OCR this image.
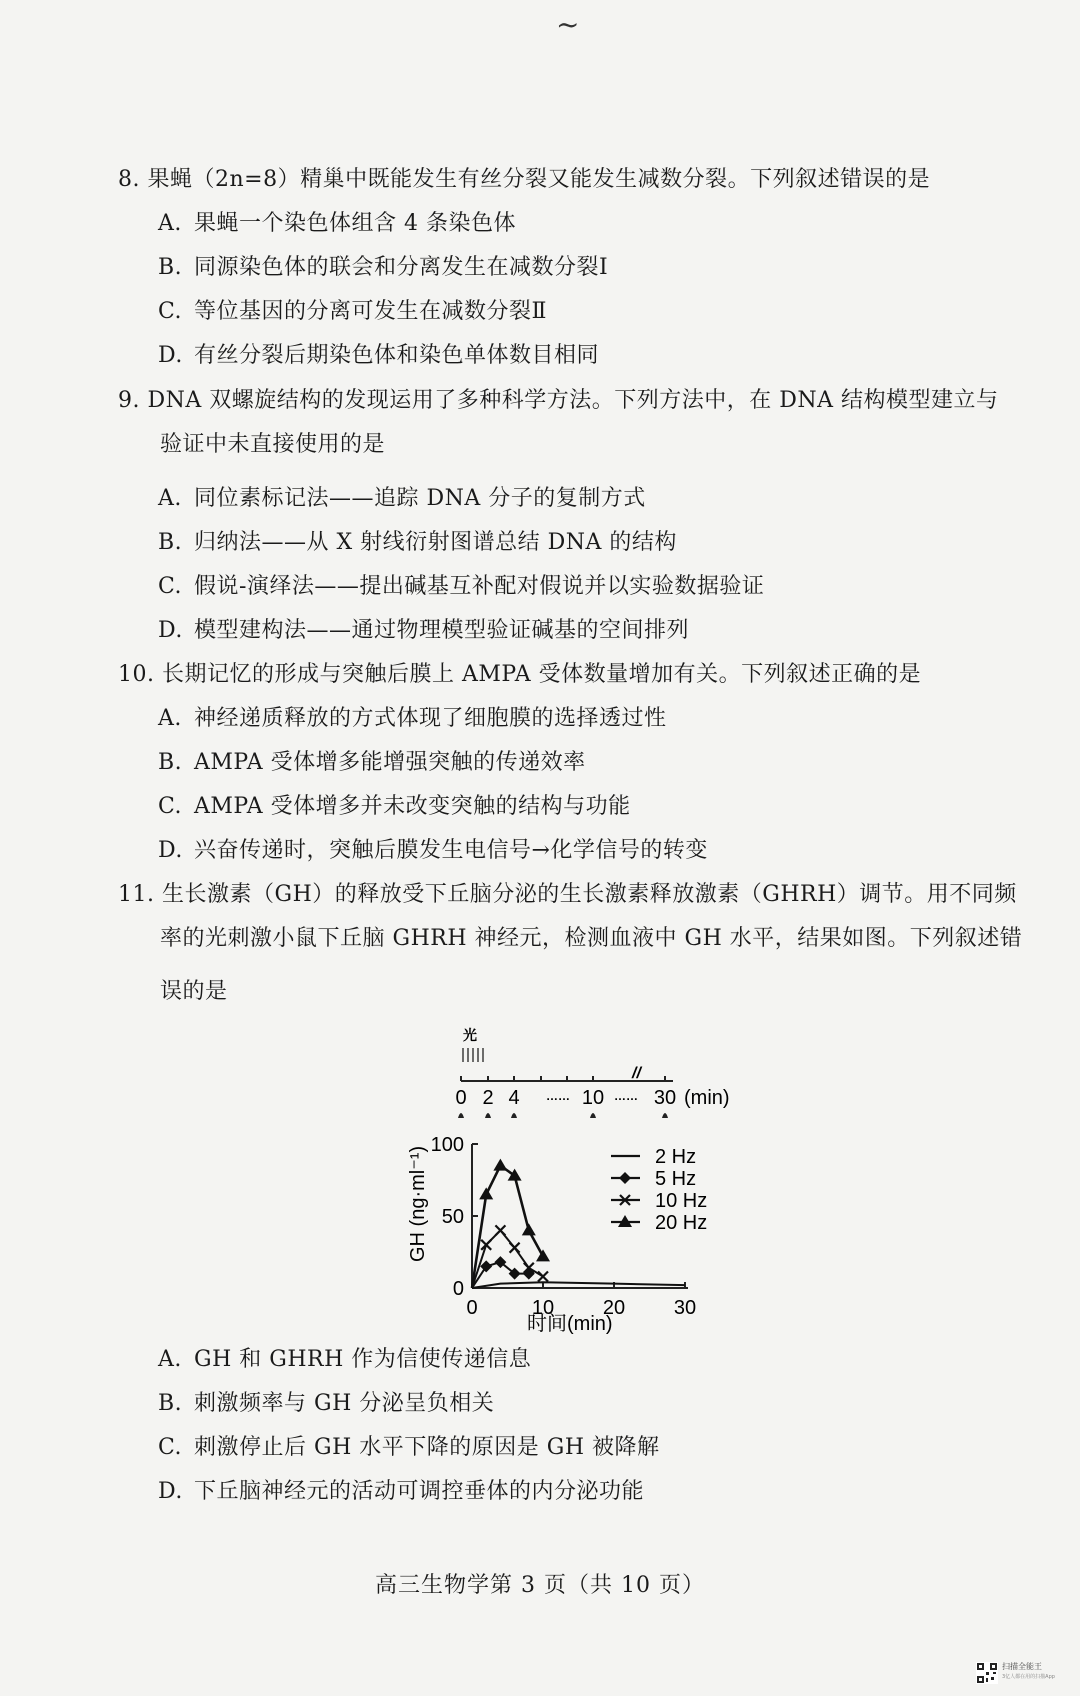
~
8. 果蝇（2n=8）精巢中既能发生有丝分裂又能发生减数分裂。下列叙述错误的是
A. 果蝇一个染色体组含 4 条染色体
B. 同源染色体的联会和分离发生在减数分裂Ⅰ
C. 等位基因的分离可发生在减数分裂Ⅱ
D. 有丝分裂后期染色体和染色单体数目相同
9. DNA 双螺旋结构的发现运用了多种科学方法。下列方法中，在 DNA 结构模型建立与
验证中未直接使用的是
A. 同位素标记法——追踪 DNA 分子的复制方式
B. 归纳法——从 X 射线衍射图谱总结 DNA 的结构
C. 假说-演绎法——提出碱基互补配对假说并以实验数据验证
D. 模型建构法——通过物理模型验证碱基的空间排列
10. 长期记忆的形成与突触后膜上 AMPA 受体数量增加有关。下列叙述正确的是
A. 神经递质释放的方式体现了细胞膜的选择透过性
B. AMPA 受体增多能增强突触的传递效率
C. AMPA 受体增多并未改变突触的结构与功能
D. 兴奋传递时，突触后膜发生电信号→化学信号的转变
11. 生长激素（GH）的释放受下丘脑分泌的生长激素释放激素（GHRH）调节。用不同频
率的光刺激小鼠下丘脑 GHRH 神经元，检测血液中 GH 水平，结果如图。下列叙述错
误的是
光
0 2 4	10 30
//
……	…… (min)
0
50
100
0	10 20 30
GH (ng·ml⁻¹)
时间(min)
2 Hz
5 Hz
10 Hz
20 Hz
A. GH 和 GHRH 作为信使传递信息
B. 刺激频率与 GH 分泌呈负相关
C. 刺激停止后 GH 水平下降的原因是 GH 被降解
D. 下丘脑神经元的活动可调控垂体的内分泌功能
高三生物学第 3 页（共 10 页）
扫描全能王
3亿人都在用的扫描App
